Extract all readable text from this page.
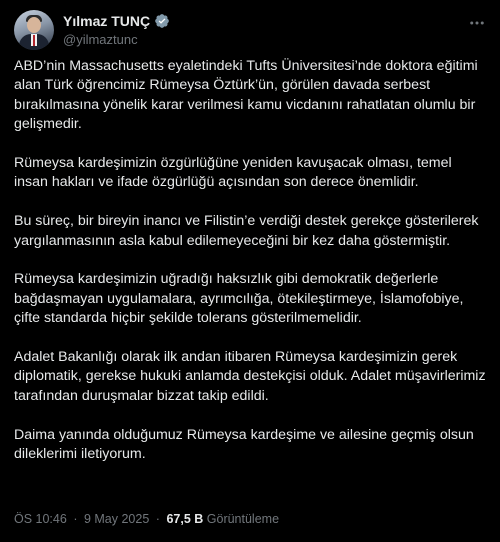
Yılmaz TUNÇ
@yilmaztunc

ABD’nin Massachusetts eyaletindeki Tufts Üniversitesi’nde doktora eğitimi alan Türk öğrencimiz Rümeysa Öztürk’ün, görülen davada serbest bırakılmasına yönelik karar verilmesi kamu vicdanını rahatlatan olumlu bir gelişmedir.

Rümeysa kardeşimizin özgürlüğüne yeniden kavuşacak olması, temel insan hakları ve ifade özgürlüğü açısından son derece önemlidir.

Bu süreç, bir bireyin inancı ve Filistin’e verdiği destek gerekçe gösterilerek yargılanmasının asla kabul edilemeyeceğini bir kez daha göstermiştir.

Rümeysa kardeşimizin uğradığı haksızlık gibi demokratik değerlerle bağdaşmayan uygulamalara, ayrımcılığa, ötekileştirmeye, İslamofobiye, çifte standarda hiçbir şekilde tolerans gösterilmemelidir.

Adalet Bakanlığı olarak ilk andan itibaren Rümeysa kardeşimizin gerek diplomatik, gerekse hukuki anlamda destekçisi olduk. Adalet müşavirlerimiz tarafından duruşmalar bizzat takip edildi.

Daima yanında olduğumuz Rümeysa kardeşime ve ailesine geçmiş olsun dileklerimi iletiyorum.

ÖS 10:46 · 9 May 2025 · 67,5 B Görüntüleme
